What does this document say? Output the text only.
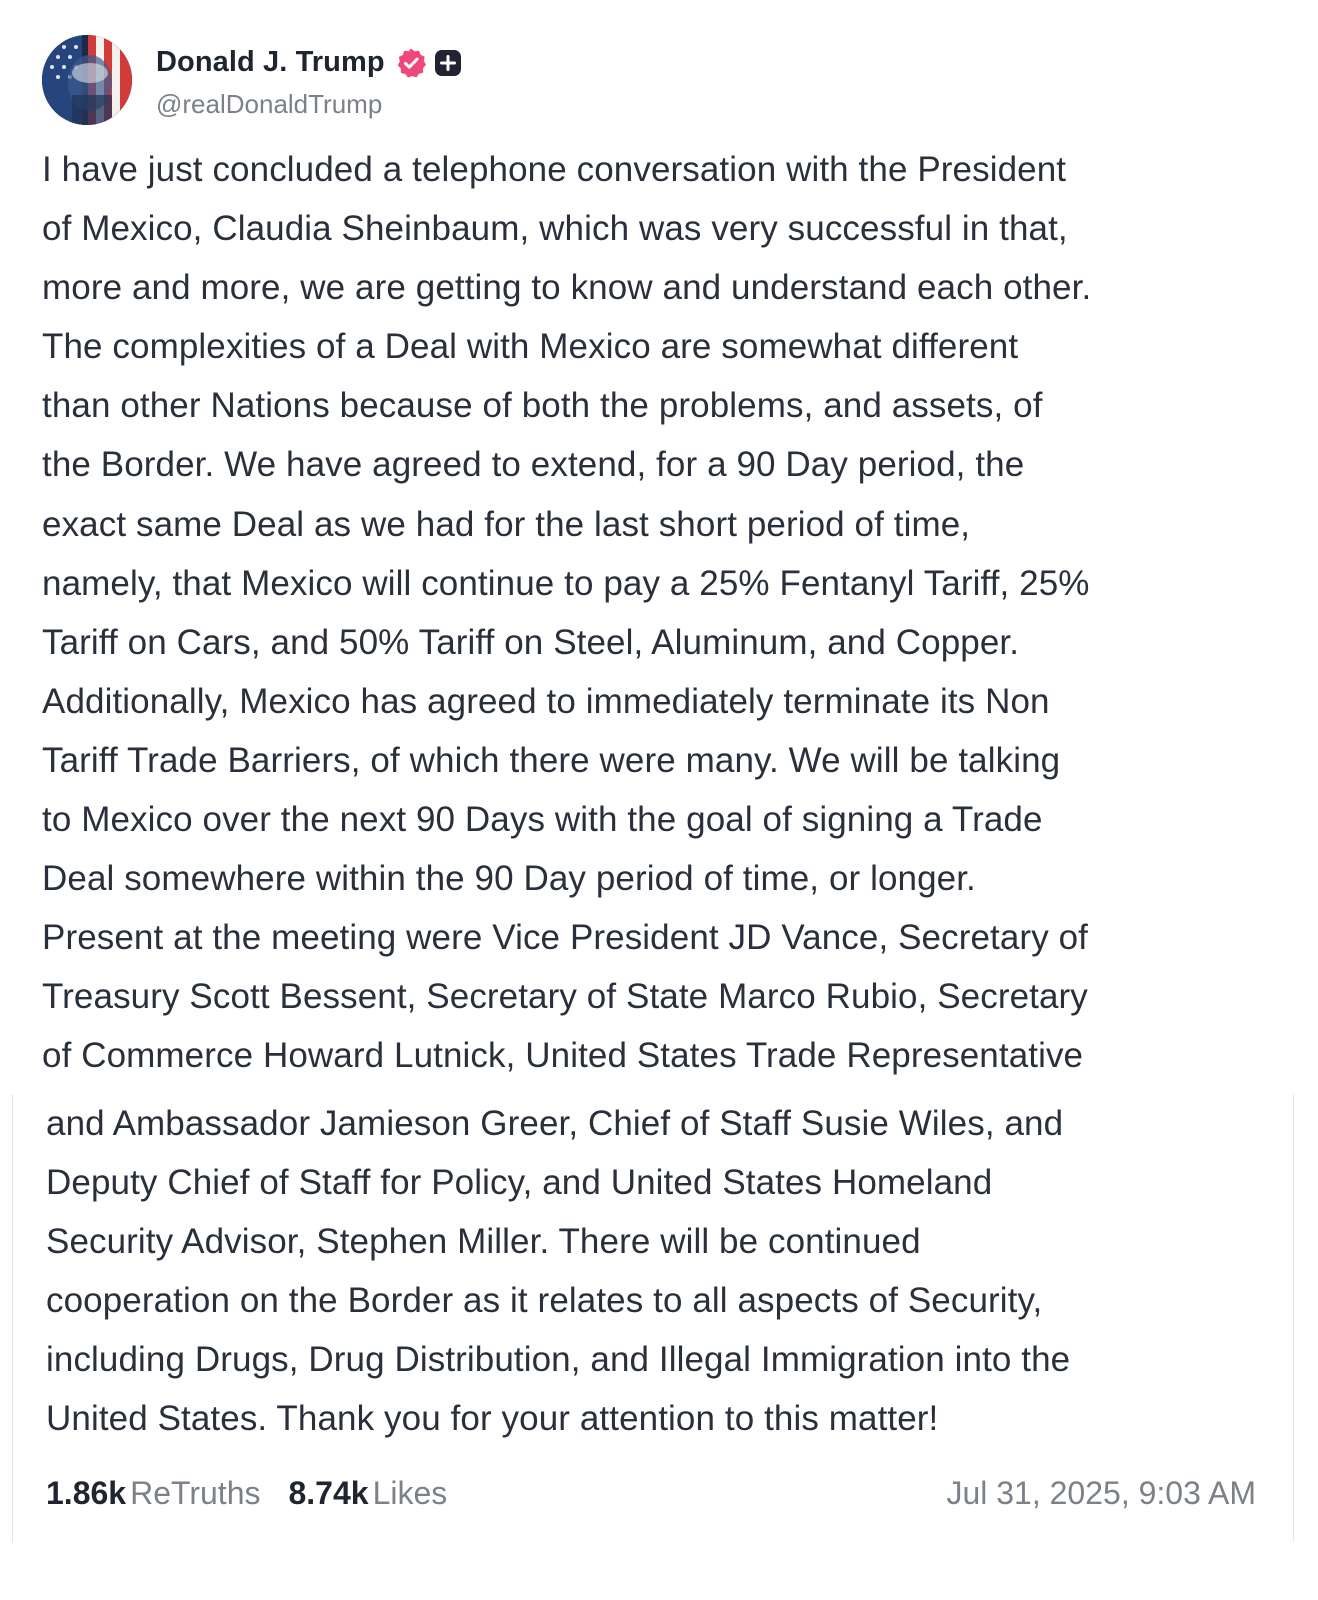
Donald J. Trump
@realDonaldTrump
I have just concluded a telephone conversation with the President
of Mexico, Claudia Sheinbaum, which was very successful in that,
more and more, we are getting to know and understand each other.
The complexities of a Deal with Mexico are somewhat different
than other Nations because of both the problems, and assets, of
the Border. We have agreed to extend, for a 90 Day period, the
exact same Deal as we had for the last short period of time,
namely, that Mexico will continue to pay a 25% Fentanyl Tariff, 25%
Tariff on Cars, and 50% Tariff on Steel, Aluminum, and Copper.
Additionally, Mexico has agreed to immediately terminate its Non
Tariff Trade Barriers, of which there were many. We will be talking
to Mexico over the next 90 Days with the goal of signing a Trade
Deal somewhere within the 90 Day period of time, or longer.
Present at the meeting were Vice President JD Vance, Secretary of
Treasury Scott Bessent, Secretary of State Marco Rubio, Secretary
of Commerce Howard Lutnick, United States Trade Representative
and Ambassador Jamieson Greer, Chief of Staff Susie Wiles, and
Deputy Chief of Staff for Policy, and United States Homeland
Security Advisor, Stephen Miller. There will be continued
cooperation on the Border as it relates to all aspects of Security,
including Drugs, Drug Distribution, and Illegal Immigration into the
United States. Thank you for your attention to this matter!
1.86k ReTruths 8.74k Likes	Jul 31, 2025, 9:03 AM
